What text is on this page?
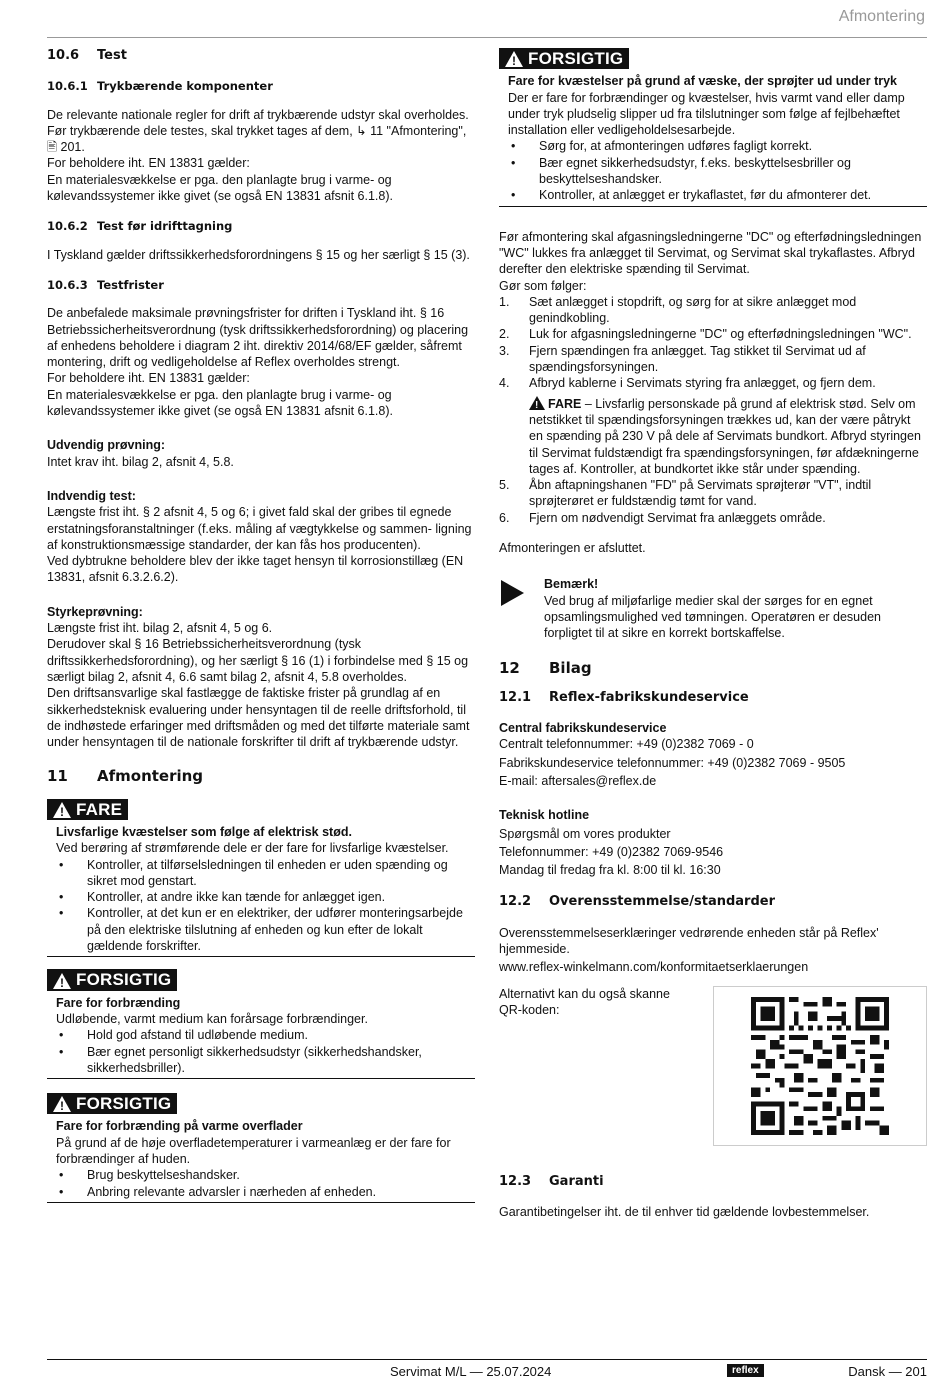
Afmontering
10.6 Test
10.6.1 Trykbærende komponenter

De relevante nationale regler for drift af trykbærende udstyr skal overholdes. Før trykbærende dele testes, skal trykket tages af dem, ↳ 11 "Afmontering", 🖹 201.

For beholdere iht. EN 13831 gælder:

En materialesvækkelse er pga. den planlagte brug i varme- og kølevandssystemer ikke givet (se også EN 13831 afsnit 6.1.8).

10.6.2 Test før idrifttagning

I Tyskland gælder driftssikkerhedsforordningens § 15 og her særligt § 15 (3).

10.6.3 Testfrister

De anbefalede maksimale prøvningsfrister for driften i Tyskland iht. § 16 Betriebssicherheitsverordnung (tysk driftssikkerhedsforordning) og placering af enhedens beholdere i diagram 2 iht. direktiv 2014/68/EF gælder, såfremt montering, drift og vedligeholdelse af Reflex overholdes strengt.

For beholdere iht. EN 13831 gælder:

En materialesvækkelse er pga. den planlagte brug i varme- og kølevandssystemer ikke givet (se også EN 13831 afsnit 6.1.8).

Udvendig prøvning:

Intet krav iht. bilag 2, afsnit 4, 5.8.

Indvendig test:

Længste frist iht. § 2 afsnit 4, 5 og 6; i givet fald skal der gribes til egnede erstatningsforanstaltninger (f.eks. måling af vægtykkelse og sammen- ligning af konstruktionsmæssige standarder, der kan fås hos producenten).

Ved dybtrukne beholdere blev der ikke taget hensyn til korrosionstillæg (EN 13831, afsnit 6.3.2.6.2).

Styrkeprøvning:

Længste frist iht. bilag 2, afsnit 4, 5 og 6.

Derudover skal § 16 Betriebssicherheitsverordnung (tysk driftssikkerhedsforordning), og her særligt § 16 (1) i forbindelse med § 15 og særligt bilag 2, afsnit 4, 6.6 samt bilag 2, afsnit 4, 5.8 overholdes.

Den driftsansvarlige skal fastlægge de faktiske frister på grundlag af en sikkerhedsteknisk evaluering under hensyntagen til de reelle driftsforhold, til de indhøstede erfaringer med driftsmåden og med det tilførte materiale samt under hensyntagen til de nationale forskrifter til drift af trykbærende udstyr.

11	Afmontering
!
FARE
Livsfarlige kvæstelser som følge af elektrisk stød.
Ved berøring af strømførende dele er der fare for livsfarlige kvæstelser.
• Kontroller, at tilførselsledningen til enheden er uden spænding og sikret mod genstart.
• Kontroller, at andre ikke kan tænde for anlægget igen.
• Kontroller, at det kun er en elektriker, der udfører monteringsarbejde på den elektriske tilslutning af enheden og kun efter de lokalt gældende forskrifter.
!
FORSIGTIG
Fare for forbrænding
Udløbende, varmt medium kan forårsage forbrændinger.
• Hold god afstand til udløbende medium.
• Bær egnet personligt sikkerhedsudstyr (sikkerhedshandsker, sikkerhedsbriller).
!
FORSIGTIG
Fare for forbrænding på varme overflader
På grund af de høje overfladetemperaturer i varmeanlæg er der fare for forbrændinger af huden.
• Brug beskyttelseshandsker.
• Anbring relevante advarsler i nærheden af enheden.
!
FORSIGTIG
Fare for kvæstelser på grund af væske, der sprøjter ud under tryk
Der er fare for forbrændinger og kvæstelser, hvis varmt vand eller damp under tryk pludselig slipper ud fra tilslutninger som følge af fejlbehæftet installation eller vedligeholdelsesarbejde.
• Sørg for, at afmonteringen udføres fagligt korrekt.
• Bær egnet sikkerhedsudstyr, f.eks. beskyttelsesbriller og beskyttelseshandsker.
• Kontroller, at anlægget er trykaflastet, før du afmonterer det.

Før afmontering skal afgasningsledningerne "DC" og efterfødningsledningen "WC" lukkes fra anlægget til Servimat, og Servimat skal trykaflastes. Afbryd derefter den elektriske spænding til Servimat.

Gør som følger:

1. Sæt anlægget i stopdrift, og sørg for at sikre anlægget mod genindkobling.
2. Luk for afgasningsledningerne "DC" og efterfødningsledningen "WC".
3. Fjern spændingen fra anlægget. Tag stikket til Servimat ud af spændingsforsyningen.
4. Afbryd kablerne i Servimats styring fra anlægget, og fjern dem.
!FARE – Livsfarlig personskade på grund af elektrisk stød. Selv om netstikket til spændingsforsyningen trækkes ud, kan der være påtrykt en spænding på 230 V på dele af Servimats bundkort. Afbryd styringen til Servimat fuldstændigt fra spændingsforsyningen, før afdækningerne tages af. Kontroller, at bundkortet ikke står under spænding.
5. Åbn aftapningshanen "FD" på Servimats sprøjterør "VT", indtil sprøjterøret er fuldstændig tømt for vand.
6. Fjern om nødvendigt Servimat fra anlæggets område.

Afmonteringen er afsluttet.

Bemærk!
Ved brug af miljøfarlige medier skal der sørges for en egnet opsamlingsmulighed ved tømningen. Operatøren er desuden forpligtet til at sikre en korrekt bortskaffelse.
12	Bilag
12.1 Reflex-fabrikskundeservice

Central fabrikskundeservice

Centralt telefonnummer: +49 (0)2382 7069 - 0

Fabrikskundeservice telefonnummer: +49 (0)2382 7069 - 9505

E-mail: aftersales@reflex.de

Teknisk hotline

Spørgsmål om vores produkter

Telefonnummer: +49 (0)2382 7069-9546

Mandag til fredag fra kl. 8:00 til kl. 16:30

12.2 Overensstemmelse/standarder

Overensstemmelseserklæringer vedrørende enheden står på Reflex' hjemmeside.

www.reflex-winkelmann.com/konformitaetserklaerungen

Alternativt kan du også skanne QR-koden:
12.3 Garanti

Garantibetingelser iht. de til enhver tid gældende lovbestemmelser.

Servimat M/L — 25.07.2024	reflex	Dansk — 201
